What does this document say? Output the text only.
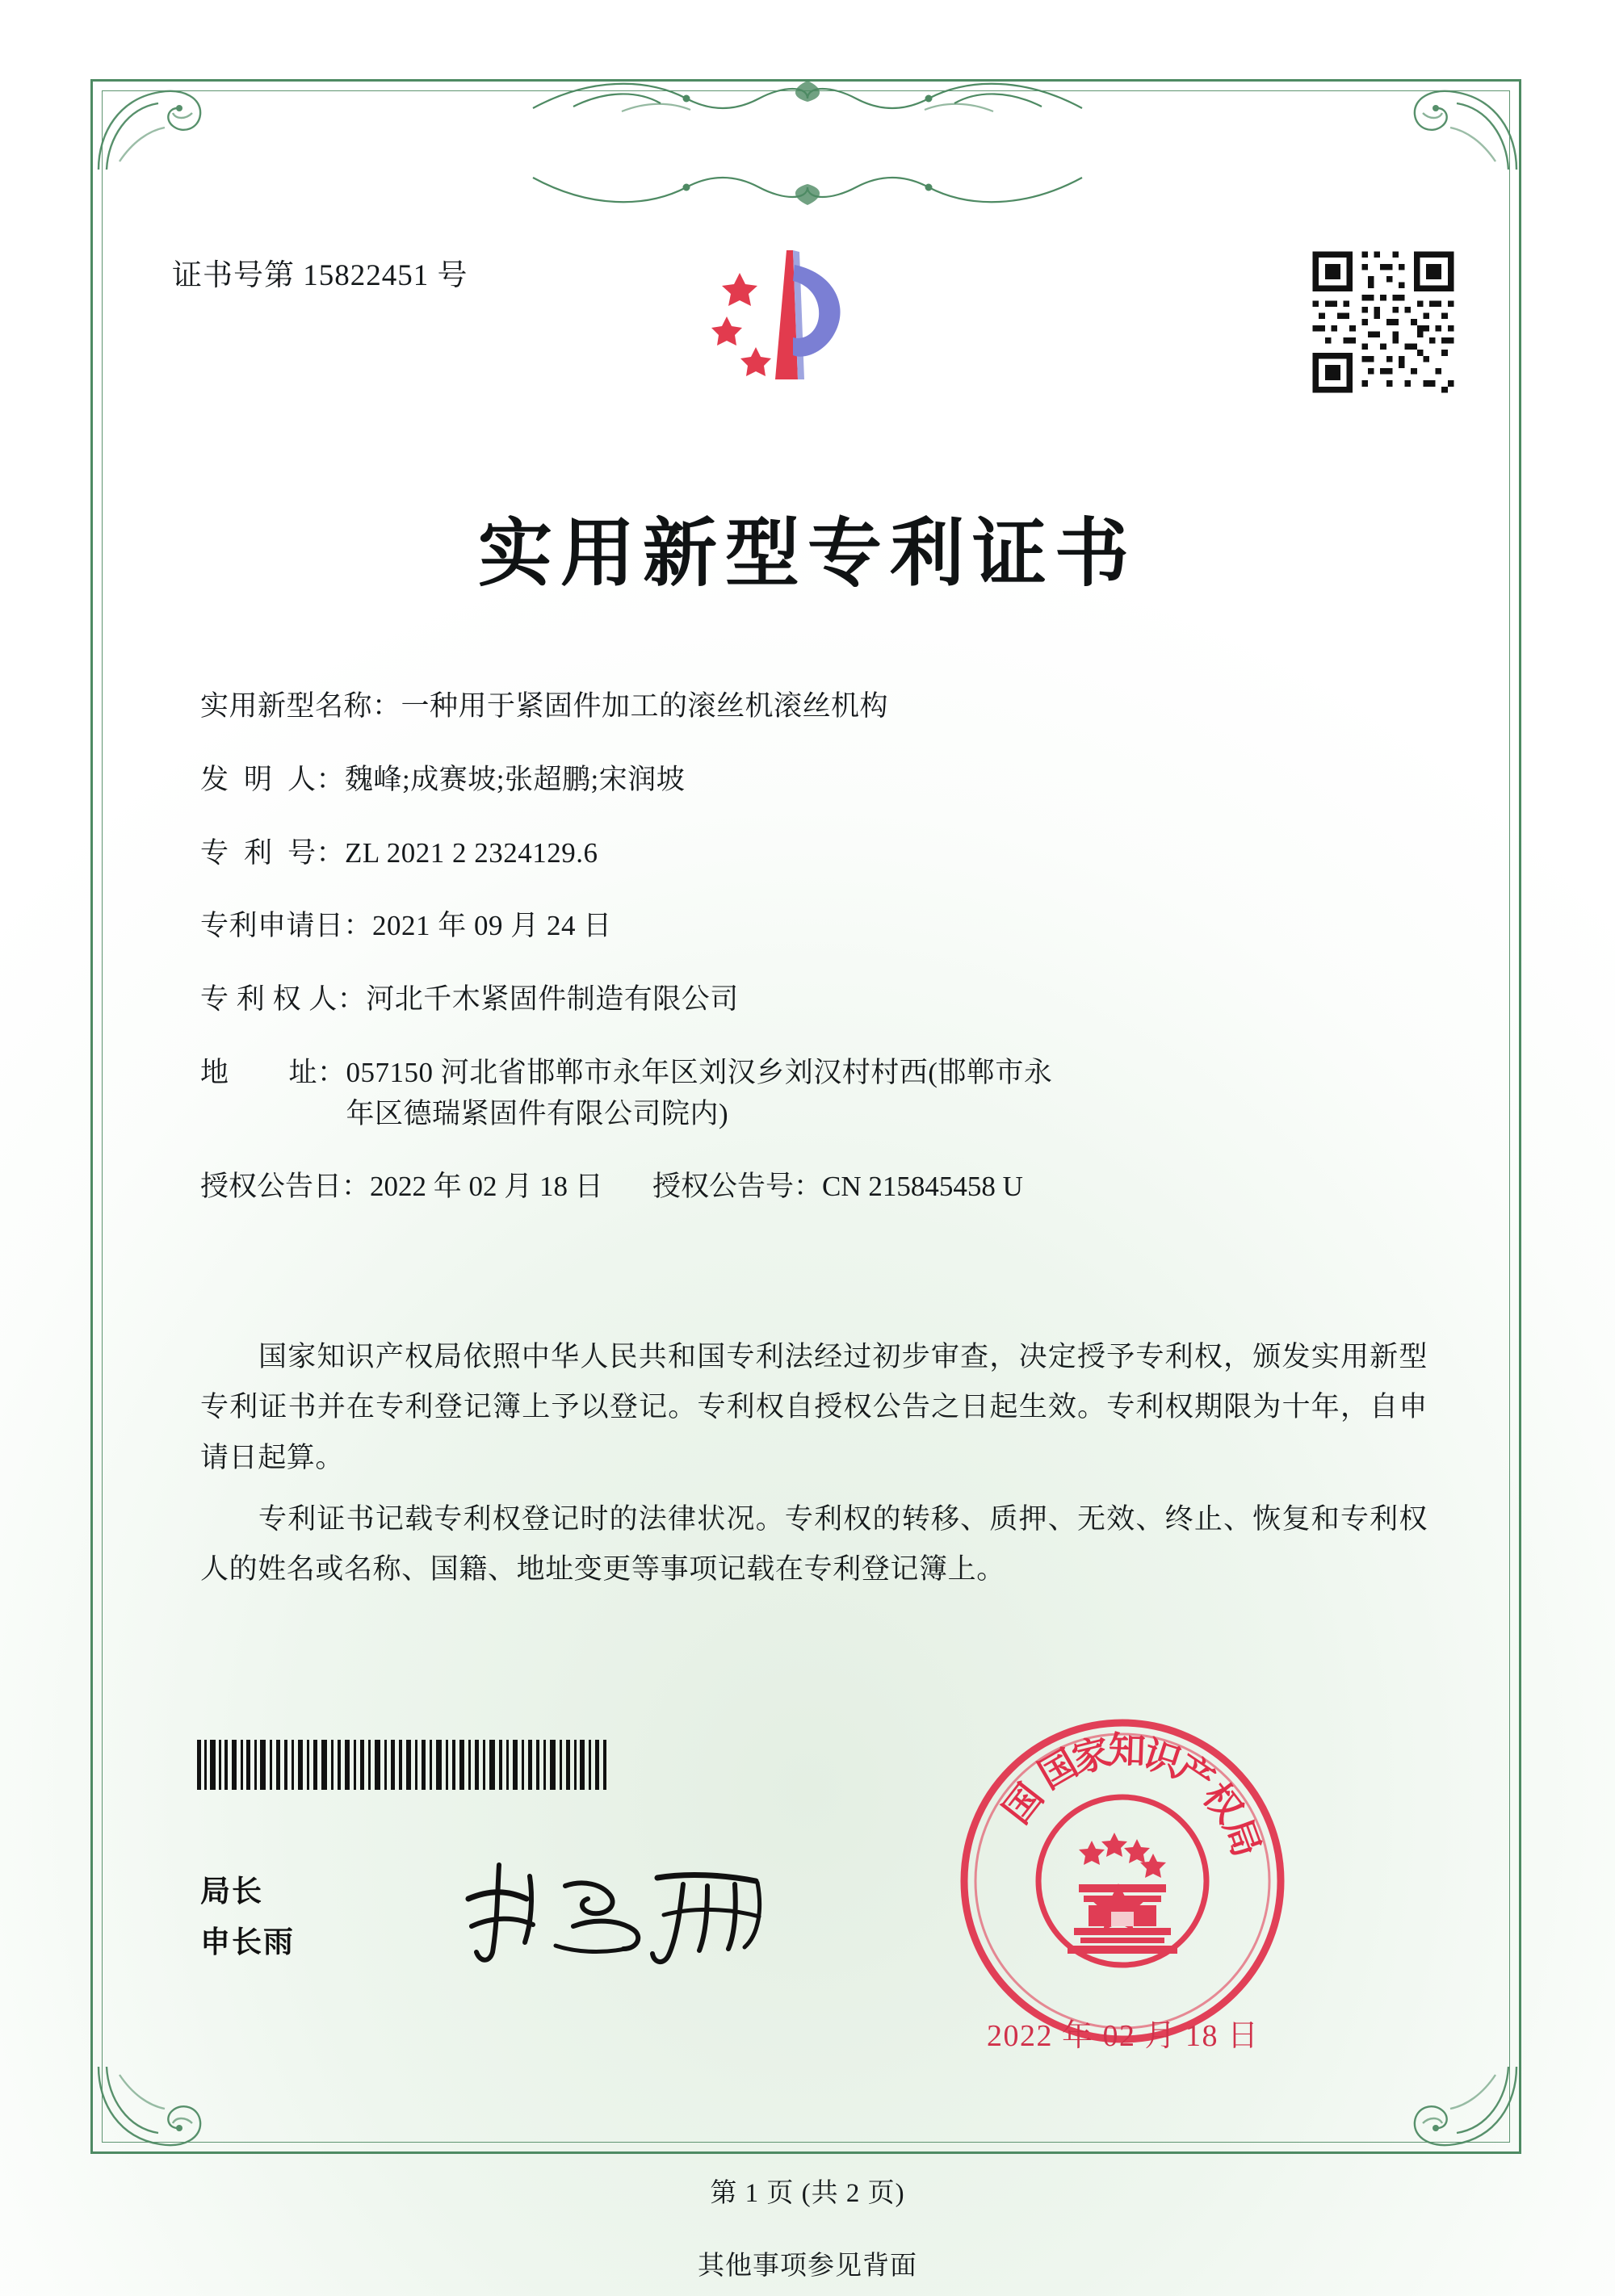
证书号第 15822451 号
实用新型专利证书
实用新型名称： 一种用于紧固件加工的滚丝机滚丝机构
发  明  人： 魏峰;成赛坡;张超鹏;宋润坡
专  利  号： ZL 2021 2 2324129.6
专利申请日： 2021 年 09 月 24 日
专 利 权 人： 河北千木紧固件制造有限公司
地        址： 057150 河北省邯郸市永年区刘汉乡刘汉村村西(邯郸市永
年区德瑞紧固件有限公司院内)
授权公告日： 2022 年 02 月 18 日 授权公告号： CN 215845458 U

国家知识产权局依照中华人民共和国专利法经过初步审查，决定授予专利权，颁发实用新型专利证书并在专利登记簿上予以登记。专利权自授权公告之日起生效。专利权期限为十年，自申请日起算。

专利证书记载专利权登记时的法律状况。专利权的转移、质押、无效、终止、恢复和专利权人的姓名或名称、国籍、地址变更等事项记载在专利登记簿上。

局长
申长雨
国
家
知
识
产
权
局
国
2022 年 02 月 18 日
第 1 页 (共 2 页)
其他事项参见背面
